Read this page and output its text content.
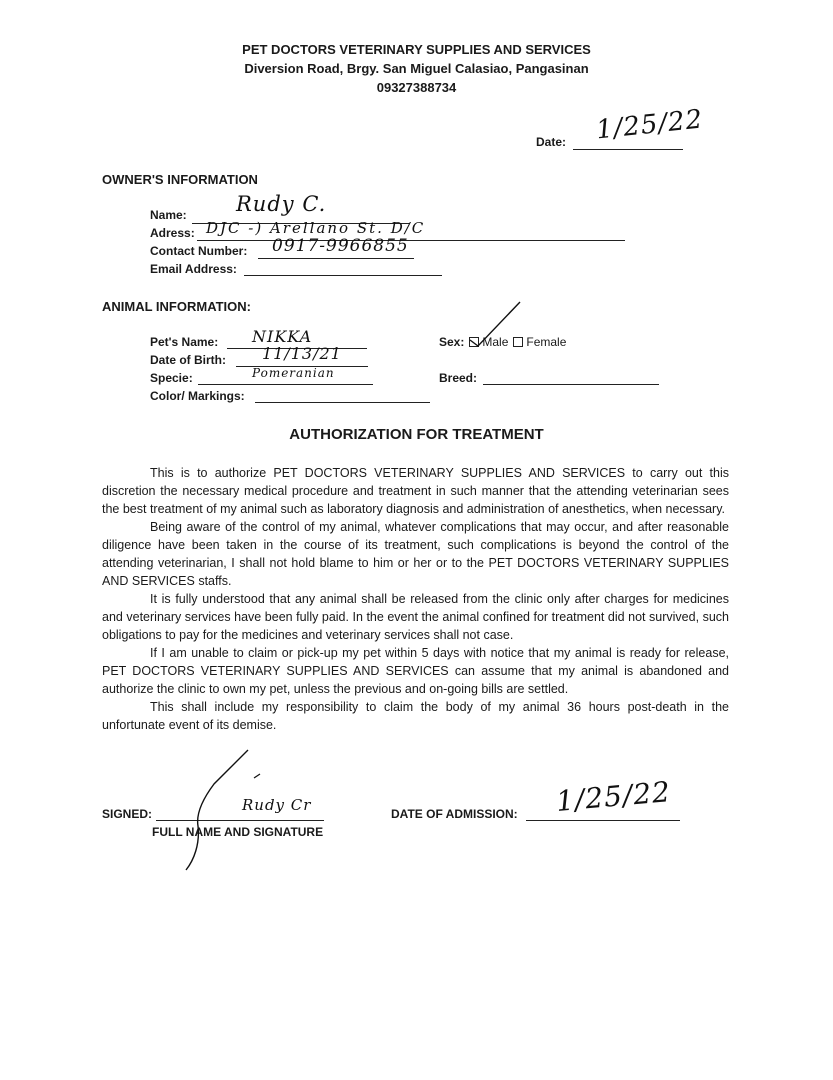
PET DOCTORS VETERINARY SUPPLIES AND SERVICES
Diversion Road, Brgy. San Miguel Calasiao, Pangasinan
09327388734
Date: 1/25/22
OWNER'S INFORMATION
Name: Rudy C.
Adress: DJC -) Arellano St. D/C
Contact Number: 0917-9966855
Email Address:
ANIMAL INFORMATION:
Pet's Name: NIKKA
Date of Birth: 11/13/21
Specie:	Pomeranian
Color/ Markings:
Sex: Male Female
Breed:
AUTHORIZATION FOR TREATMENT

This is to authorize PET DOCTORS VETERINARY SUPPLIES AND SERVICES to carry out this discretion the necessary medical procedure and treatment in such manner that the attending veterinarian sees the best treatment of my animal such as laboratory diagnosis and administration of anesthetics, when necessary.

Being aware of the control of my animal, whatever complications that may occur, and after reasonable diligence have been taken in the course of its treatment, such complications is beyond the control of the attending veterinarian, I shall not hold blame to him or her or to the PET DOCTORS VETERINARY SUPPLIES AND SERVICES staffs.

It is fully understood that any animal shall be released from the clinic only after charges for medicines and veterinary services have been fully paid. In the event the animal confined for treatment did not survived, such obligations to pay for the medicines and veterinary services shall not case.

If I am unable to claim or pick-up my pet within 5 days with notice that my animal is ready for release, PET DOCTORS VETERINARY SUPPLIES AND SERVICES can assume that my animal is abandoned and authorize the clinic to own my pet, unless the previous and on-going bills are settled.

This shall include my responsibility to claim the body of my animal 36 hours post-death in the unfortunate event of its demise.

SIGNED:
FULL NAME AND SIGNATURE
Rudy Cr	DATE OF ADMISSION: 1/25/22
